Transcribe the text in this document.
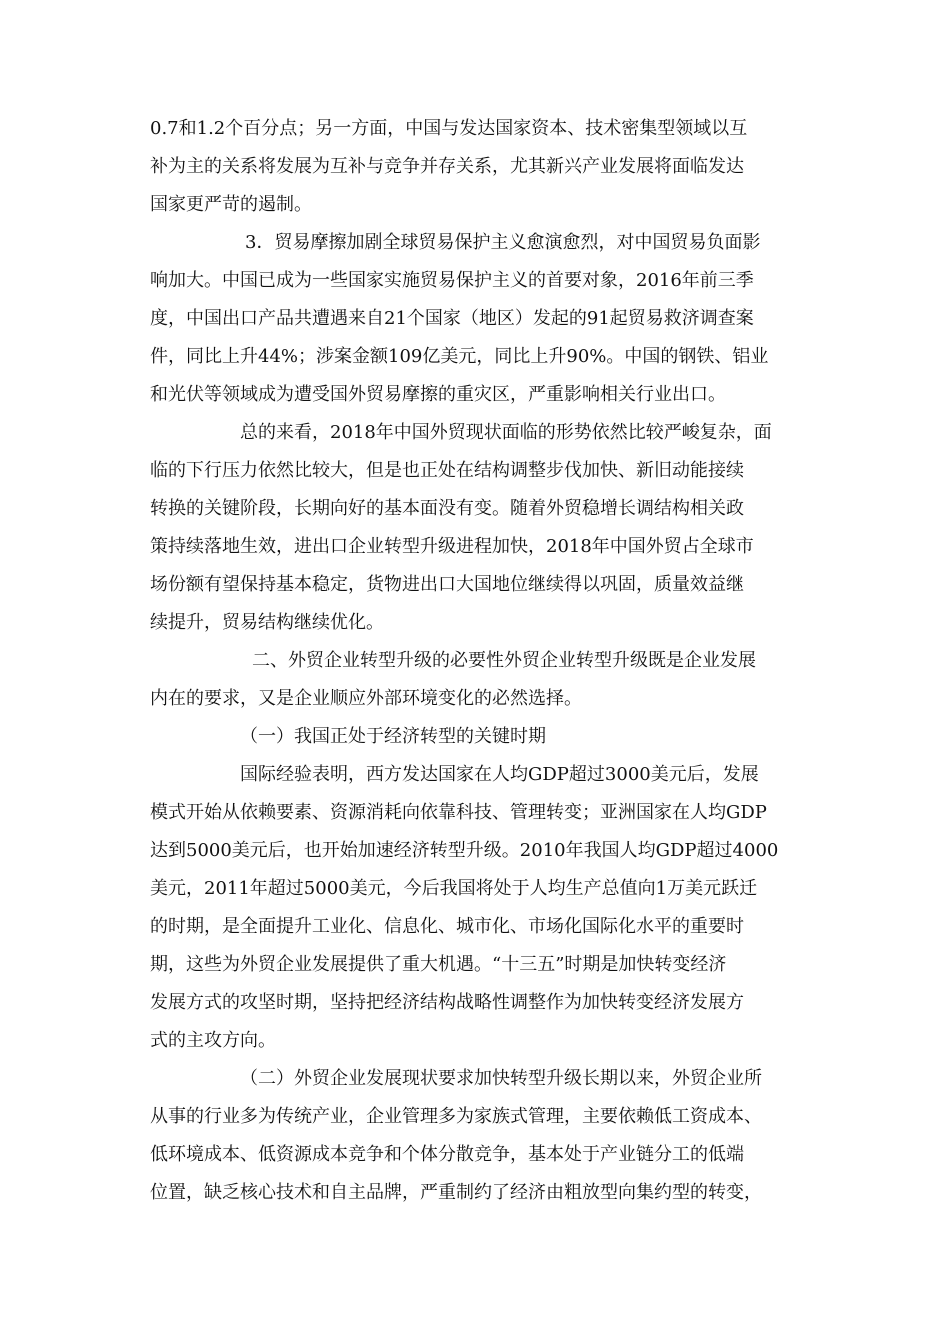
0.7和1.2个百分点；另一方面，中国与发达国家资本、技术密集型领域以互

补为主的关系将发展为互补与竞争并存关系，尤其新兴产业发展将面临发达

国家更严苛的遏制。

3．贸易摩擦加剧全球贸易保护主义愈演愈烈，对中国贸易负面影

响加大。中国已成为一些国家实施贸易保护主义的首要对象，2016年前三季

度，中国出口产品共遭遇来自21个国家（地区）发起的91起贸易救济调查案

件，同比上升44%；涉案金额109亿美元，同比上升90%。中国的钢铁、铝业

和光伏等领域成为遭受国外贸易摩擦的重灾区，严重影响相关行业出口。

总的来看，2018年中国外贸现状面临的形势依然比较严峻复杂，面

临的下行压力依然比较大，但是也正处在结构调整步伐加快、新旧动能接续

转换的关键阶段，长期向好的基本面没有变。随着外贸稳增长调结构相关政

策持续落地生效，进出口企业转型升级进程加快，2018年中国外贸占全球市

场份额有望保持基本稳定，货物进出口大国地位继续得以巩固，质量效益继

续提升，贸易结构继续优化。

二、外贸企业转型升级的必要性外贸企业转型升级既是企业发展

内在的要求，又是企业顺应外部环境变化的必然选择。

（一）我国正处于经济转型的关键时期

国际经验表明，西方发达国家在人均GDP超过3000美元后，发展

模式开始从依赖要素、资源消耗向依靠科技、管理转变；亚洲国家在人均GDP

达到5000美元后，也开始加速经济转型升级。2010年我国人均GDP超过4000

美元，2011年超过5000美元，今后我国将处于人均生产总值向1万美元跃迁

的时期，是全面提升工业化、信息化、城市化、市场化国际化水平的重要时

期，这些为外贸企业发展提供了重大机遇。“十三五”时期是加快转变经济

发展方式的攻坚时期，坚持把经济结构战略性调整作为加快转变经济发展方

式的主攻方向。

（二）外贸企业发展现状要求加快转型升级长期以来，外贸企业所

从事的行业多为传统产业，企业管理多为家族式管理，主要依赖低工资成本、

低环境成本、低资源成本竞争和个体分散竞争，基本处于产业链分工的低端

位置，缺乏核心技术和自主品牌，严重制约了经济由粗放型向集约型的转变，
